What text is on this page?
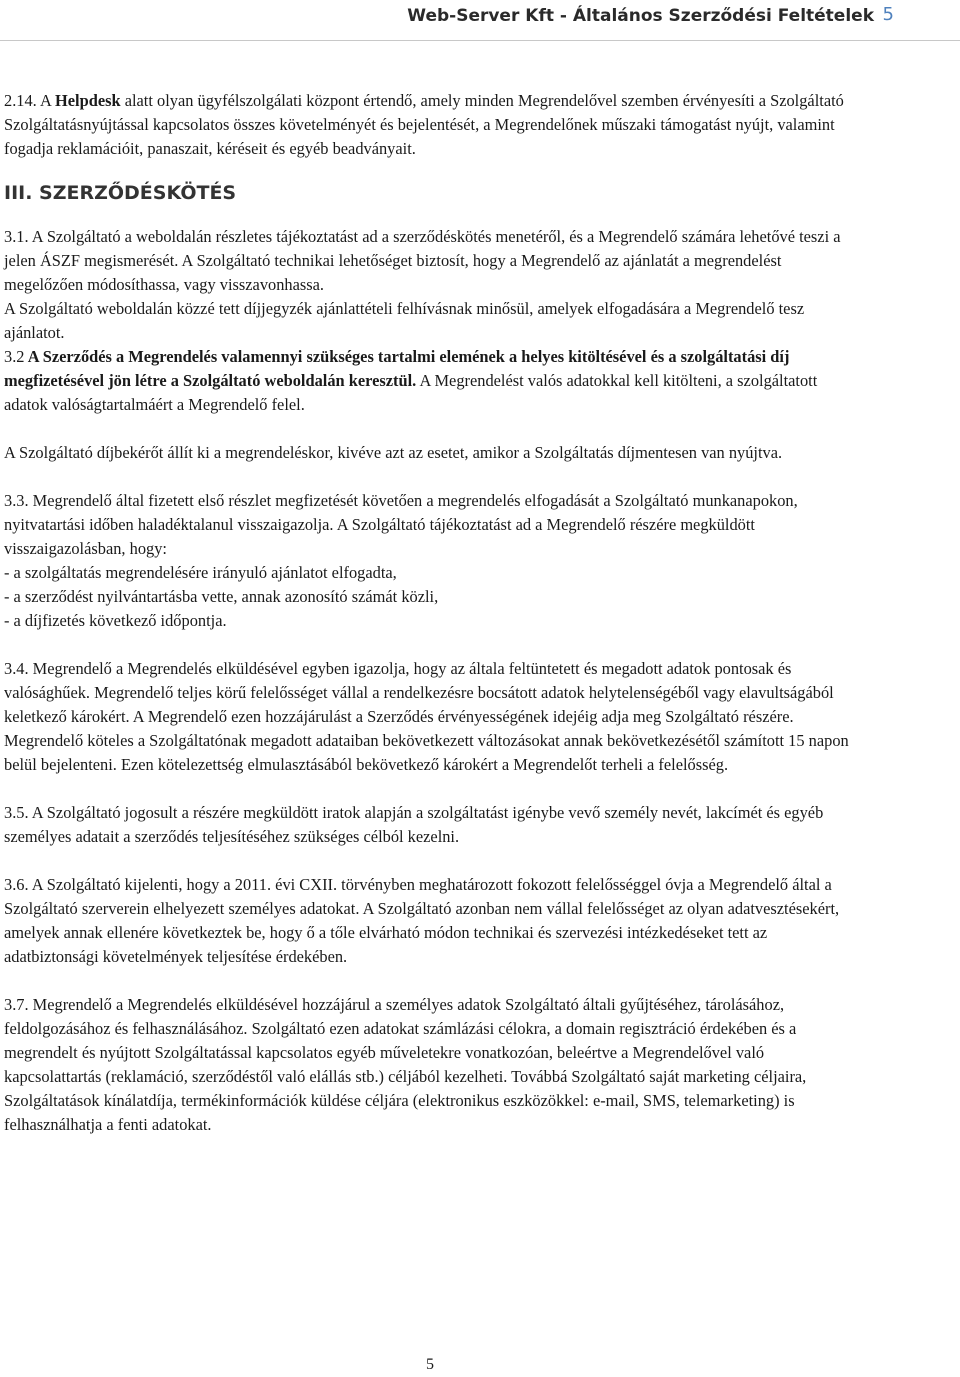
Web-Server Kft - Általános Szerződési Feltételek 5

2.14. A Helpdesk alatt olyan ügyfélszolgálati központ értendő, amely minden Megrendelővel szemben érvényesíti a Szolgáltató Szolgáltatásnyújtással kapcsolatos összes követelményét és bejelentését, a Megrendelőnek műszaki támogatást nyújt, valamint fogadja reklamációit, panaszait, kéréseit és egyéb beadványait.

III. SZERZŐDÉSKÖTÉS

3.1. A Szolgáltató a weboldalán részletes tájékoztatást ad a szerződéskötés menetéről, és a Megrendelő számára lehetővé teszi a jelen ÁSZF megismerését. A Szolgáltató technikai lehetőséget biztosít, hogy a Megrendelő az ajánlatát a megrendelést megelőzően módosíthassa, vagy visszavonhassa.

A Szolgáltató weboldalán közzé tett díjjegyzék ajánlattételi felhívásnak minősül, amelyek elfogadására a Megrendelő tesz ajánlatot.

3.2 A Szerződés a Megrendelés valamennyi szükséges tartalmi elemének a helyes kitöltésével és a szolgáltatási díj megfizetésével jön létre a Szolgáltató weboldalán keresztül. A Megrendelést valós adatokkal kell kitölteni, a szolgáltatott adatok valóságtartalmáért a Megrendelő felel.

A Szolgáltató díjbekérőt állít ki a megrendeléskor, kivéve azt az esetet, amikor a Szolgáltatás díjmentesen van nyújtva.

3.3. Megrendelő által fizetett első részlet megfizetését követően a megrendelés elfogadását a Szolgáltató munkanapokon, nyitvatartási időben haladéktalanul visszaigazolja. A Szolgáltató tájékoztatást ad a Megrendelő részére megküldött visszaigazolásban, hogy:

- a szolgáltatás megrendelésére irányuló ajánlatot elfogadta,

- a szerződést nyilvántartásba vette, annak azonosító számát közli,

- a díjfizetés következő időpontja.

3.4. Megrendelő a Megrendelés elküldésével egyben igazolja, hogy az általa feltüntetett és megadott adatok pontosak és valósághűek. Megrendelő teljes körű felelősséget vállal a rendelkezésre bocsátott adatok helytelenségéből vagy elavultságából keletkező károkért. A Megrendelő ezen hozzájárulást a Szerződés érvényességének idejéig adja meg Szolgáltató részére. Megrendelő köteles a Szolgáltatónak megadott adataiban bekövetkezett változásokat annak bekövetkezésétől számított 15 napon belül bejelenteni. Ezen kötelezettség elmulasztásából bekövetkező károkért a Megrendelőt terheli a felelősség.

3.5. A Szolgáltató jogosult a részére megküldött iratok alapján a szolgáltatást igénybe vevő személy nevét, lakcímét és egyéb személyes adatait a szerződés teljesítéséhez szükséges célból kezelni.

3.6. A Szolgáltató kijelenti, hogy a 2011. évi CXII. törvényben meghatározott fokozott felelősséggel óvja a Megrendelő által a Szolgáltató szerverein elhelyezett személyes adatokat. A Szolgáltató azonban nem vállal felelősséget az olyan adatvesztésekért, amelyek annak ellenére következtek be, hogy ő a tőle elvárható módon technikai és szervezési intézkedéseket tett az adatbiztonsági követelmények teljesítése érdekében.

3.7. Megrendelő a Megrendelés elküldésével hozzájárul a személyes adatok Szolgáltató általi gyűjtéséhez, tárolásához, feldolgozásához és felhasználásához. Szolgáltató ezen adatokat számlázási célokra, a domain regisztráció érdekében és a megrendelt és nyújtott Szolgáltatással kapcsolatos egyéb műveletekre vonatkozóan, beleértve a Megrendelővel való kapcsolattartás (reklamáció, szerződéstől való elállás stb.) céljából kezelheti. Továbbá Szolgáltató saját marketing céljaira, Szolgáltatások kínálatdíja, termékinformációk küldése céljára (elektronikus eszközökkel: e-mail, SMS, telemarketing) is felhasználhatja a fenti adatokat.

5
